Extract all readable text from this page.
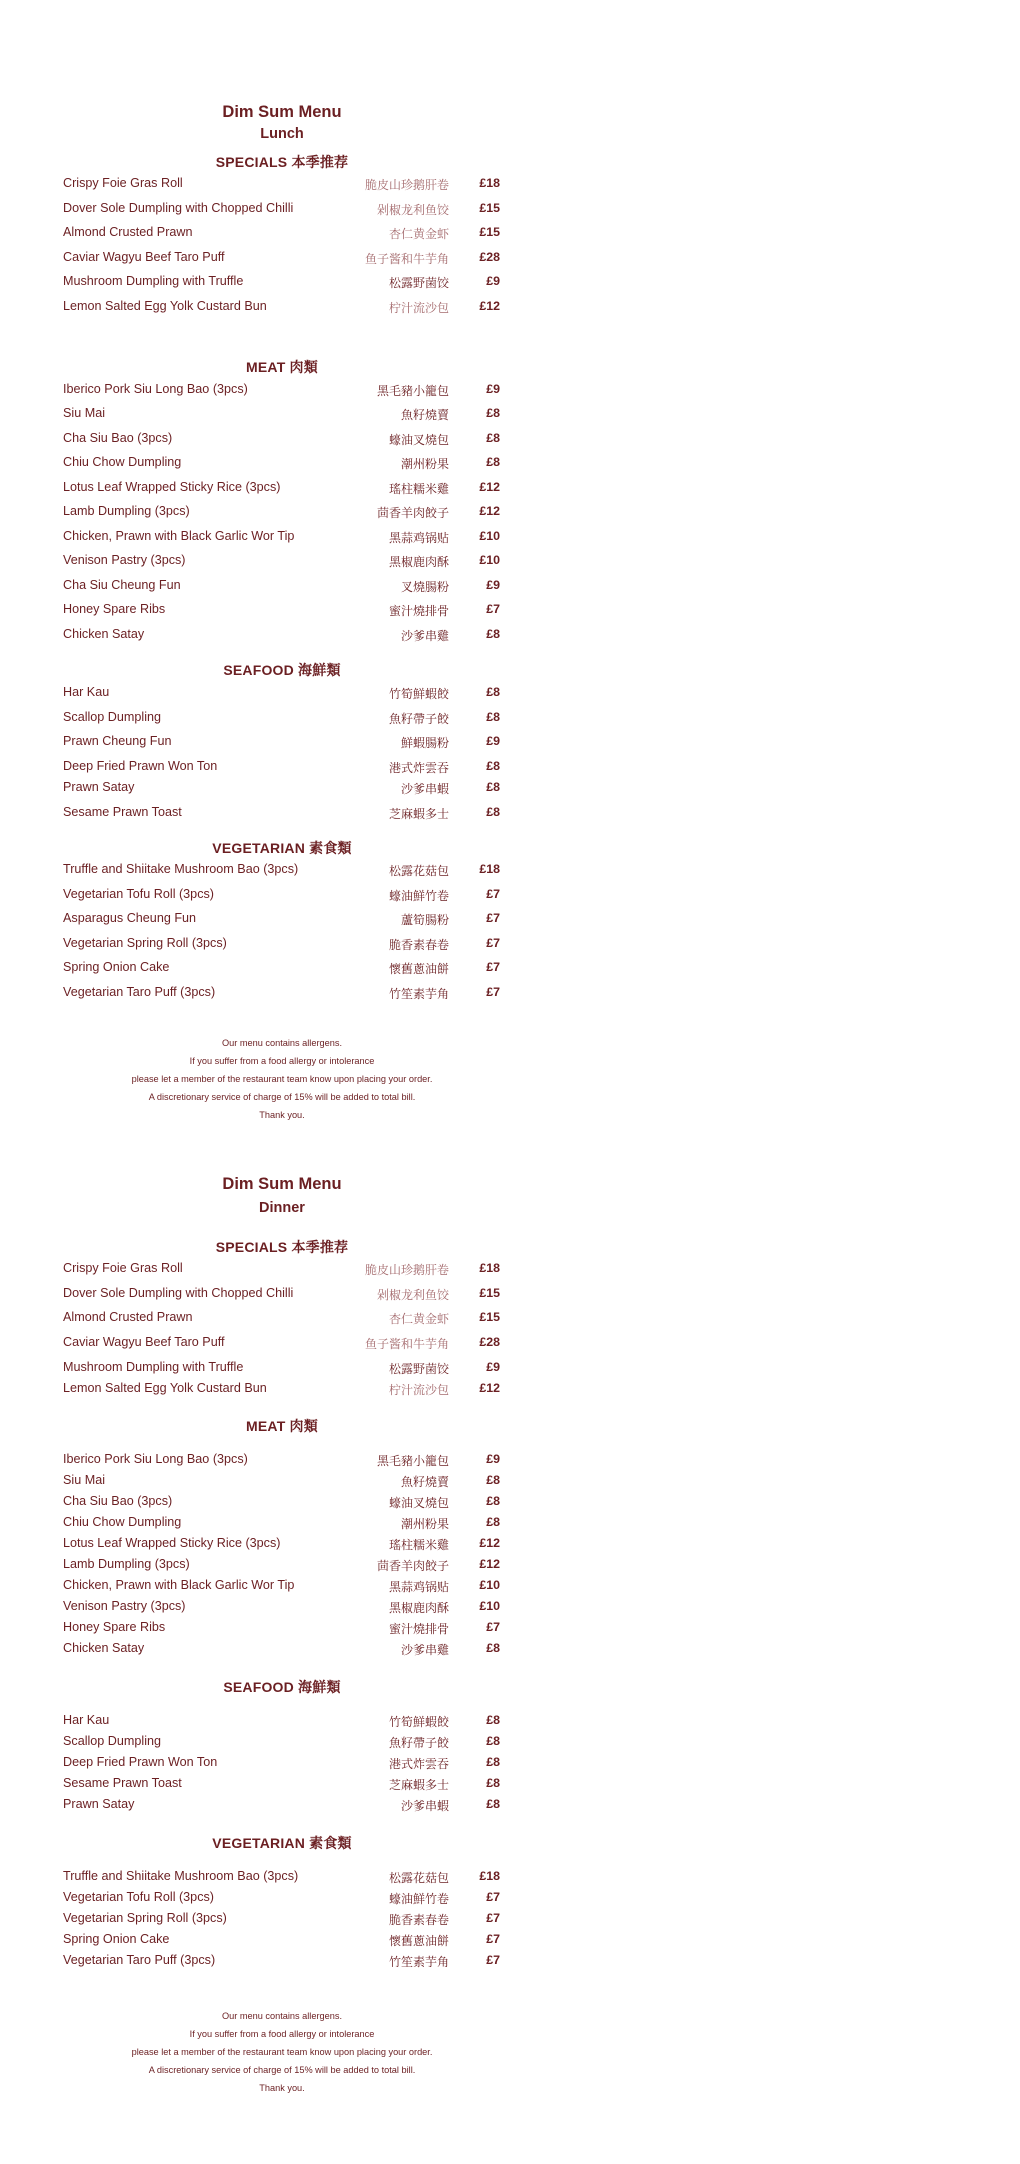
Dim Sum Menu
Lunch
SPECIALS 本季推荐
Crispy Foie Gras Roll	脆皮山珍鹅肝卷	£18
Dover Sole Dumpling with Chopped Chilli	剁椒龙利鱼饺	£15
Almond Crusted Prawn	杏仁黄金虾	£15
Caviar Wagyu Beef Taro Puff	鱼子酱和牛芋角	£28
Mushroom Dumpling with Truffle	松露野菌饺	£9
Lemon Salted Egg Yolk Custard Bun	柠汁流沙包	£12
MEAT 肉類
Iberico Pork Siu Long Bao (3pcs)	黑毛豬小籠包	£9
Siu Mai	魚籽燒賣	£8
Cha Siu Bao (3pcs)	蠔油叉燒包	£8
Chiu Chow Dumpling	潮州粉果	£8
Lotus Leaf Wrapped Sticky Rice (3pcs)	瑤柱糯米雞	£12
Lamb Dumpling (3pcs)	茴香羊肉餃子	£12
Chicken, Prawn with Black Garlic Wor Tip	黑蒜鸡锅贴	£10
Venison Pastry (3pcs)	黑椒鹿肉酥	£10
Cha Siu Cheung Fun	叉燒腸粉	£9
Honey Spare Ribs	蜜汁燒排骨	£7
Chicken Satay	沙爹串雞	£8
SEAFOOD 海鮮類
Har Kau	竹筍鮮蝦餃	£8
Scallop Dumpling	魚籽帶子餃	£8
Prawn Cheung Fun	鮮蝦腸粉	£9
Deep Fried Prawn Won Ton	港式炸雲吞	£8
Prawn Satay	沙爹串蝦	£8
Sesame Prawn Toast	芝麻蝦多士	£8
VEGETARIAN 素食類
Truffle and Shiitake Mushroom Bao (3pcs)	松露花菇包	£18
Vegetarian Tofu Roll (3pcs)	蠔油鮮竹卷	£7
Asparagus Cheung Fun	蘆筍腸粉	£7
Vegetarian Spring Roll (3pcs)	脆香素春卷	£7
Spring Onion Cake	懷舊蔥油餅	£7
Vegetarian Taro Puff (3pcs)	竹笙素芋角	£7
Our menu contains allergens.
If you suffer from a food allergy or intolerance
please let a member of the restaurant team know upon placing your order.
A discretionary service of charge of 15% will be added to total bill.
Thank you.
Dim Sum Menu
Dinner
SPECIALS 本季推荐
Crispy Foie Gras Roll	脆皮山珍鹅肝卷	£18
Dover Sole Dumpling with Chopped Chilli	剁椒龙利鱼饺	£15
Almond Crusted Prawn	杏仁黄金虾	£15
Caviar Wagyu Beef Taro Puff	鱼子酱和牛芋角	£28
Mushroom Dumpling with Truffle	松露野菌饺	£9
Lemon Salted Egg Yolk Custard Bun	柠汁流沙包	£12
MEAT 肉類
Iberico Pork Siu Long Bao (3pcs)	黑毛豬小籠包	£9
Siu Mai	魚籽燒賣	£8
Cha Siu Bao (3pcs)	蠔油叉燒包	£8
Chiu Chow Dumpling	潮州粉果	£8
Lotus Leaf Wrapped Sticky Rice (3pcs)	瑤柱糯米雞	£12
Lamb Dumpling (3pcs)	茴香羊肉餃子	£12
Chicken, Prawn with Black Garlic Wor Tip	黑蒜鸡锅贴	£10
Venison Pastry (3pcs)	黑椒鹿肉酥	£10
Honey Spare Ribs	蜜汁燒排骨	£7
Chicken Satay	沙爹串雞	£8
SEAFOOD 海鮮類
Har Kau	竹筍鮮蝦餃	£8
Scallop Dumpling	魚籽帶子餃	£8
Deep Fried Prawn Won Ton	港式炸雲吞	£8
Sesame Prawn Toast	芝麻蝦多士	£8
Prawn Satay	沙爹串蝦	£8
VEGETARIAN 素食類
Truffle and Shiitake Mushroom Bao (3pcs)	松露花菇包	£18
Vegetarian Tofu Roll (3pcs)	蠔油鮮竹卷	£7
Vegetarian Spring Roll (3pcs)	脆香素春卷	£7
Spring Onion Cake	懷舊蔥油餅	£7
Vegetarian Taro Puff (3pcs)	竹笙素芋角	£7
Our menu contains allergens.
If you suffer from a food allergy or intolerance
please let a member of the restaurant team know upon placing your order.
A discretionary service of charge of 15% will be added to total bill.
Thank you.
